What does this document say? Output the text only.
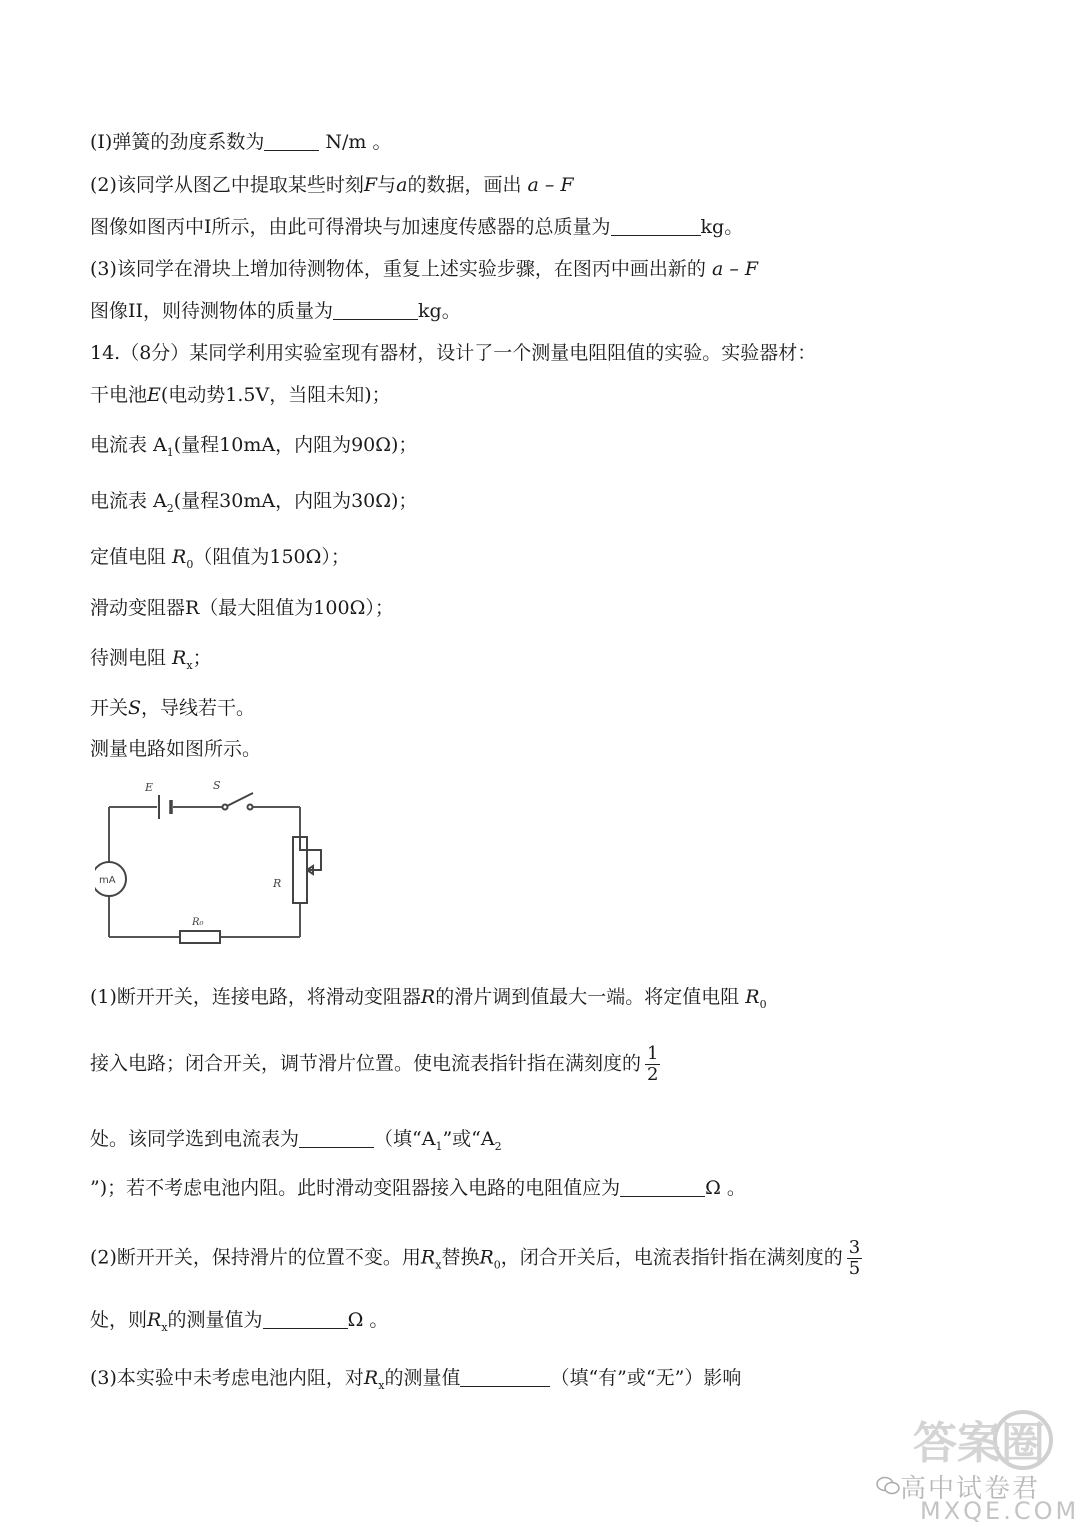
(I)弹簧的劲度系数为	N/m 。
(2)该同学从图乙中提取某些时刻F与a的数据，画出 a – F
图像如图丙中I所示，由此可得滑块与加速度传感器的总质量为	kg。
(3)该同学在滑块上增加待测物体，重复上述实验步骤，在图丙中画出新的 a – F
图像II，则待测物体的质量为	kg。
14.（8分）某同学利用实验室现有器材，设计了一个测量电阻阻值的实验。实验器材：
干电池E(电动势1.5V，当阻未知)；
电流表 $A_1$(量程10mA，内阻为90Ω)；
电流表 $A_2$(量程30mA，内阻为30Ω)；
定值电阻 $R_0$（阻值为150Ω）；
滑动变阻器R（最大阻值为100Ω）；
待测电阻 $R_x$；
开关S，导线若干。
测量电路如图所示。
E	S
R
R₀
mA
(1)断开开关，连接电路，将滑动变阻器R的滑片调到值最大一端。将定值电阻 $R_0$
接入电路；闭合开关，调节滑片位置。使电流表指针指在满刻度的 $\frac{1}{2}$
处。该同学选到电流表为	（填“$A_1$”或“$A_2$
”)；若不考虑电池内阻。此时滑动变阻器接入电路的电阻值应为	Ω 。
(2)断开开关，保持滑片的位置不变。用$R_x$替换$R_0$，闭合开关后，电流表指针指在满刻度的 $\frac{3}{5}$
处，则$R_x$的测量值为	Ω 。
(3)本实验中未考虑电池内阻，对$R_x$的测量值	（填“有”或“无”）影响
答案圈
高中试卷君
MXQE.COM
